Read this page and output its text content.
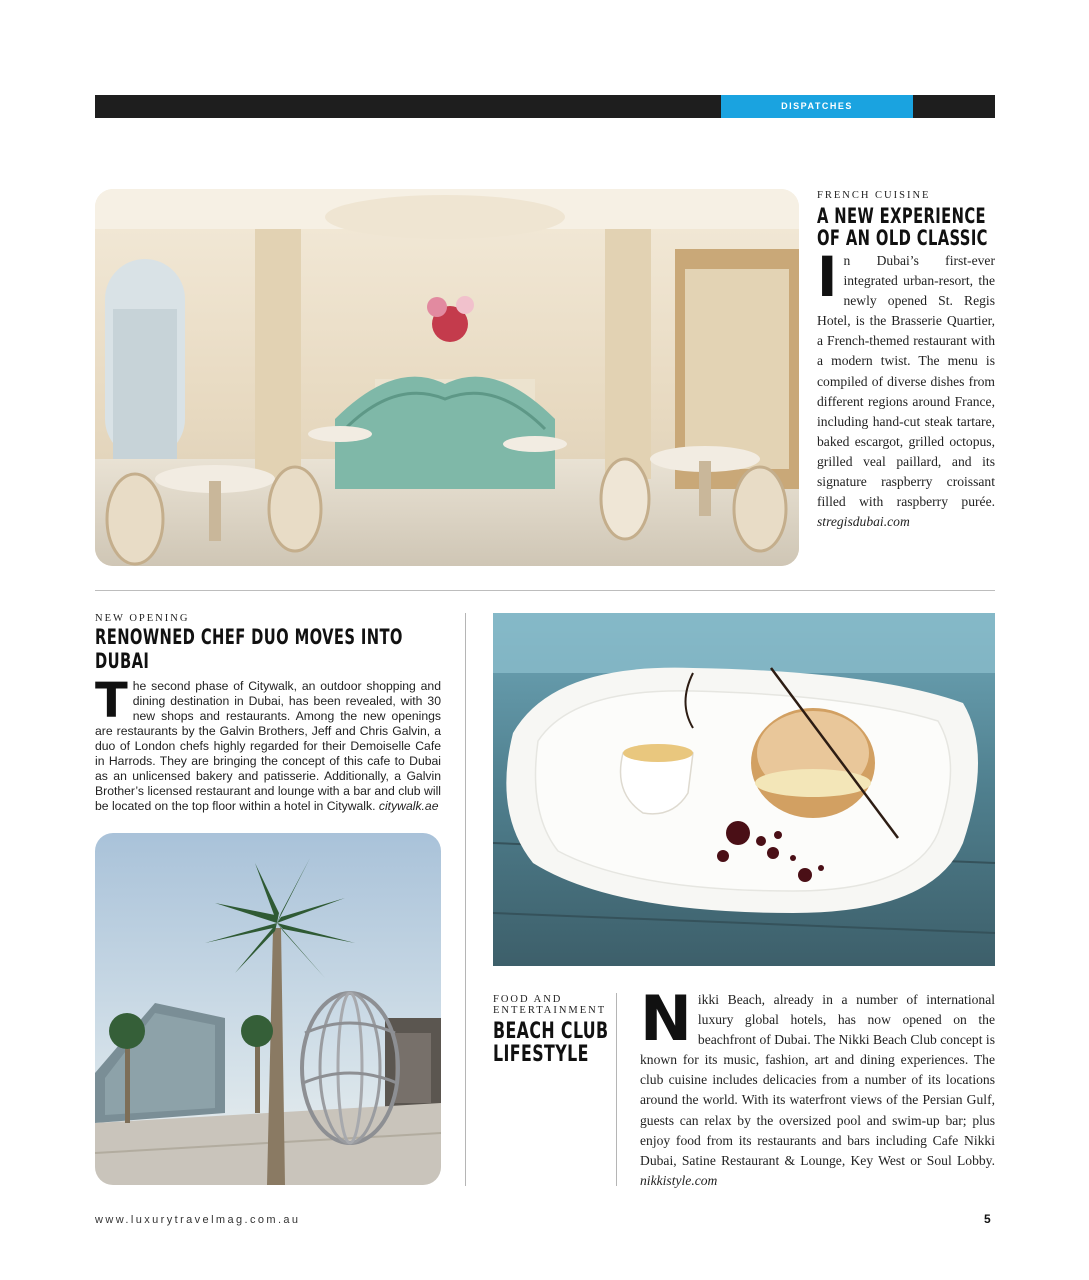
DISPATCHES
FRENCH CUISINE
A NEW EXPERIENCE
OF AN OLD CLASSIC
In Dubai’s first-ever integrated urban-resort, the newly opened St. Regis Hotel, is the Brasserie Quartier, a French-themed restaurant with a modern twist. The menu is compiled of diverse dishes from different regions around France, including hand-cut steak tartare, baked escargot, grilled octopus, grilled veal paillard, and its signature raspberry croissant filled with raspberry purée. stregisdubai.com
NEW OPENING
RENOWNED CHEF DUO MOVES INTO DUBAI
The second phase of Citywalk, an outdoor shopping and dining destination in Dubai, has been revealed, with 30 new shops and restaurants. Among the new openings are restaurants by the Galvin Brothers, Jeff and Chris Galvin, a duo of London chefs highly regarded for their Demoiselle Cafe in Harrods. They are bringing the concept of this cafe to Dubai as an unlicensed bakery and patisserie. Additionally, a Galvin Brother’s licensed restaurant and lounge with a bar and club will be located on the top floor within a hotel in Citywalk. citywalk.ae
FOOD AND
ENTERTAINMENT
BEACH CLUB
LIFESTYLE Nikki Beach, already in a number of international luxury global hotels, has now opened on the beachfront of Dubai. The Nikki Beach Club concept is known for its music, fashion, art and dining experiences. The club cuisine includes delicacies from a number of its locations around the world. With its waterfront views of the Persian Gulf, guests can relax by the oversized pool and swim-up bar; plus enjoy food from its restaurants and bars including Cafe Nikki Dubai, Satine Restaurant & Lounge, Key West or Soul Lobby. nikkistyle.com
www.luxurytravelmag.com.au	5
